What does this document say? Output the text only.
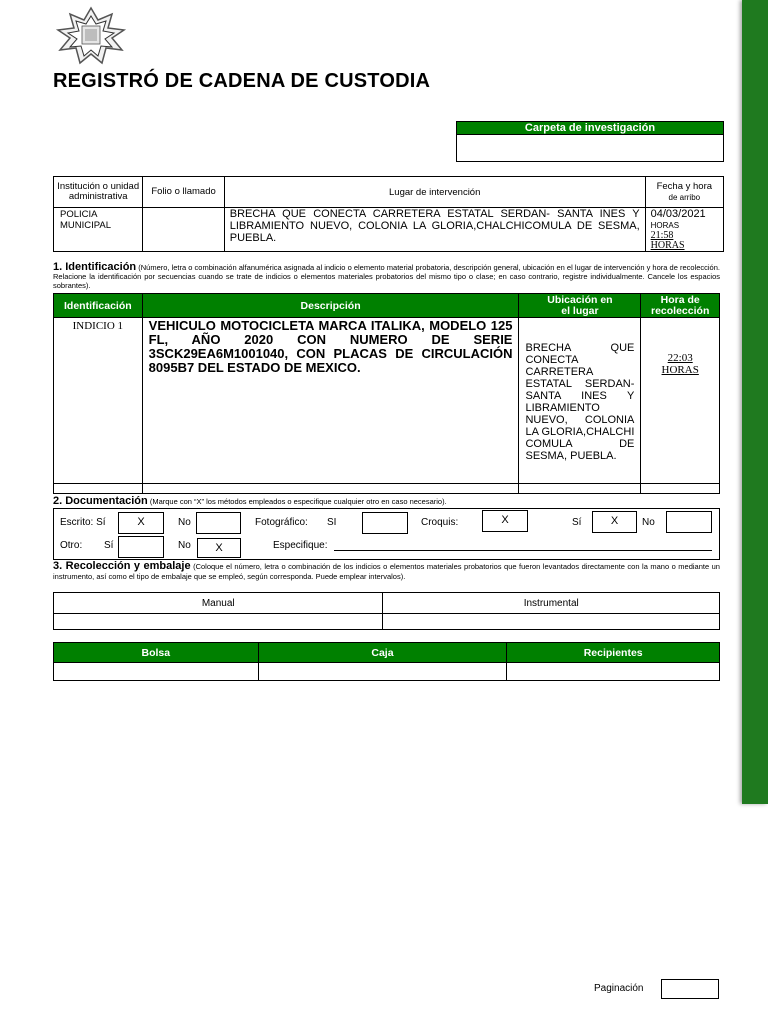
REGISTRÓ DE CADENA DE CUSTODIA
Carpeta de investigación
Institución o unidad administrativa	Folio o llamado	Lugar de intervención	Fecha y hora
de arribo

POLICIA MUNICIPAL		BRECHA QUE CONECTA CARRETERA ESTATAL SERDAN- SANTA INES Y LIBRAMIENTO NUEVO, COLONIA LA GLORIA,CHALCHICOMULA DE SESMA, PUEBLA.	04/03/2021
HORAS
21:58
HORAS
1. Identificación (Número, letra o combinación alfanumérica asignada al indicio o elemento material probatoria, descripción general, ubicación en el lugar de intervención y hora de recolección. Relacione la identificación por secuencias cuando se trate de indicios o elementos materiales probatorios del mismo tipo o clase; en caso contrario, registre individualmente. Cancele los espacios sobrantes).
Identificación	Descripción	Ubicación en el lugar	Hora de recolección
INDICIO 1	VEHICULO MOTOCICLETA MARCA ITALIKA, MODELO 125 FL, AÑO 2020 CON NUMERO DE SERIE 3SCK29EA6M1001040, CON PLACAS DE CIRCULACIÓN 8095B7 DEL ESTADO DE MEXICO.	BRECHA QUE CONECTA CARRETERA ESTATAL SERDAN- SANTA INES Y LIBRAMIENTO NUEVO, COLONIA LA GLORIA,CHALCHI COMULA DE SESMA, PUEBLA.	22:03
HORAS

2. Documentación (Marque con “X” los métodos empleados o especifique cualquier otro en caso necesario).
Escrito: Sí	X	No	Fotográfico: SI	Croquis:	X	Sí	X	No
Otro: Sí	No	X	Especifique:
3. Recolección y embalaje (Coloque el número, letra o combinación de los indicios o elementos materiales probatorios que fueron levantados directamente con la mano o mediante un instrumento, así como el tipo de embalaje que se empleó, según corresponda. Puede emplear intervalos).
Manual	Instrumental

Bolsa	Caja	Recipientes

Paginación
